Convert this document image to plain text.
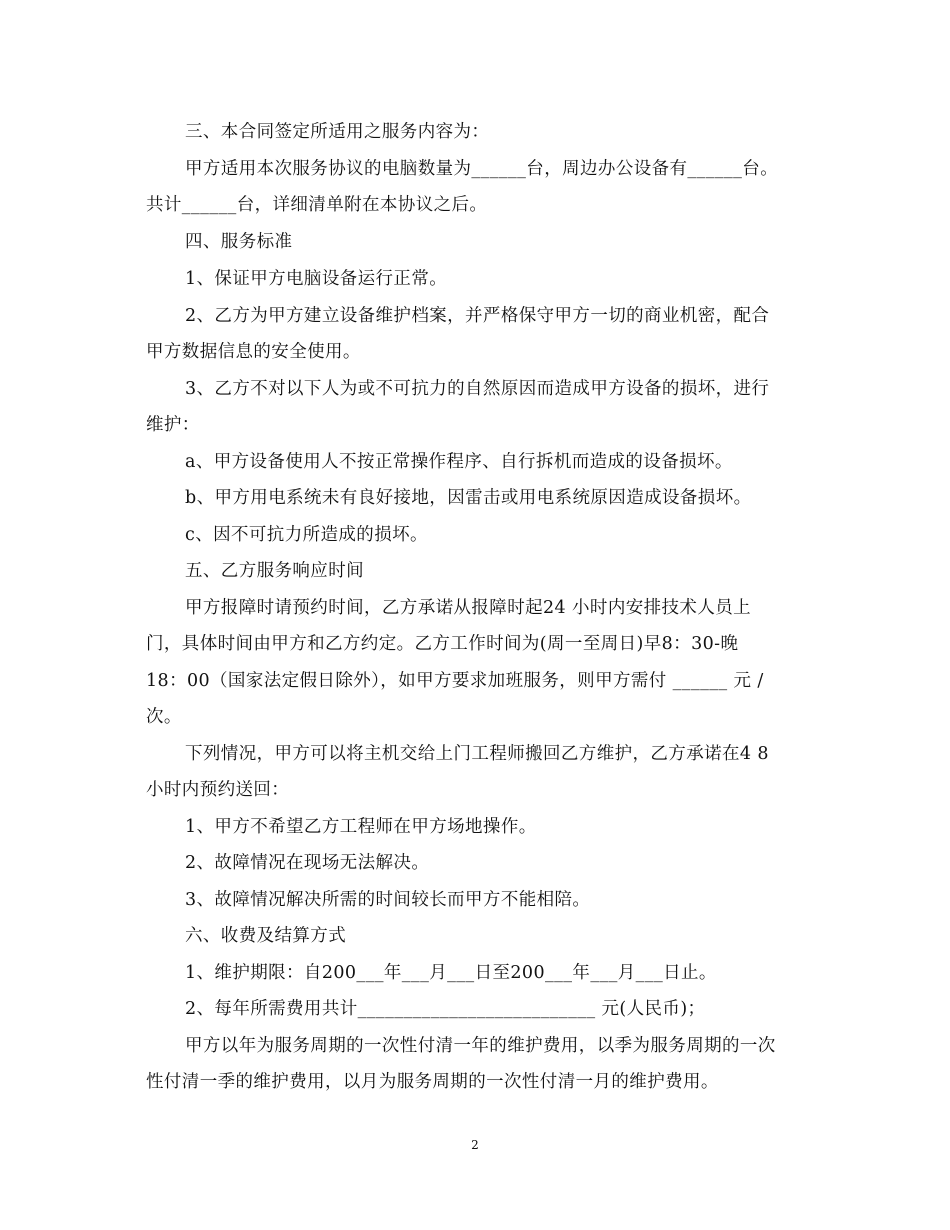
三、本合同签定所适用之服务内容为：
甲方适用本次服务协议的电脑数量为______台，周边办公设备有______台。
共计______台，详细清单附在本协议之后。
四、服务标准
1、保证甲方电脑设备运行正常。
2、乙方为甲方建立设备维护档案，并严格保守甲方一切的商业机密，配合
甲方数据信息的安全使用。
3、乙方不对以下人为或不可抗力的自然原因而造成甲方设备的损坏，进行
维护：
a、甲方设备使用人不按正常操作程序、自行拆机而造成的设备损坏。
b、甲方用电系统未有良好接地，因雷击或用电系统原因造成设备损坏。
c、因不可抗力所造成的损坏。
五、乙方服务响应时间
甲方报障时请预约时间，乙方承诺从报障时起24 小时内安排技术人员上
门，具体时间由甲方和乙方约定。乙方工作时间为(周一至周日)早8：30-晚
18：00（国家法定假日除外），如甲方要求加班服务，则甲方需付 ______ 元 /
次。
下列情况，甲方可以将主机交给上门工程师搬回乙方维护，乙方承诺在4 8
小时内预约送回：
1、甲方不希望乙方工程师在甲方场地操作。
2、故障情况在现场无法解决。
3、故障情况解决所需的时间较长而甲方不能相陪。
六、收费及结算方式
1、维护期限：自200___年___月___日至200___年___月___日止。
2、每年所需费用共计__________________________ 元(人民币)；
甲方以年为服务周期的一次性付清一年的维护费用，以季为服务周期的一次
性付清一季的维护费用，以月为服务周期的一次性付清一月的维护费用。
2
